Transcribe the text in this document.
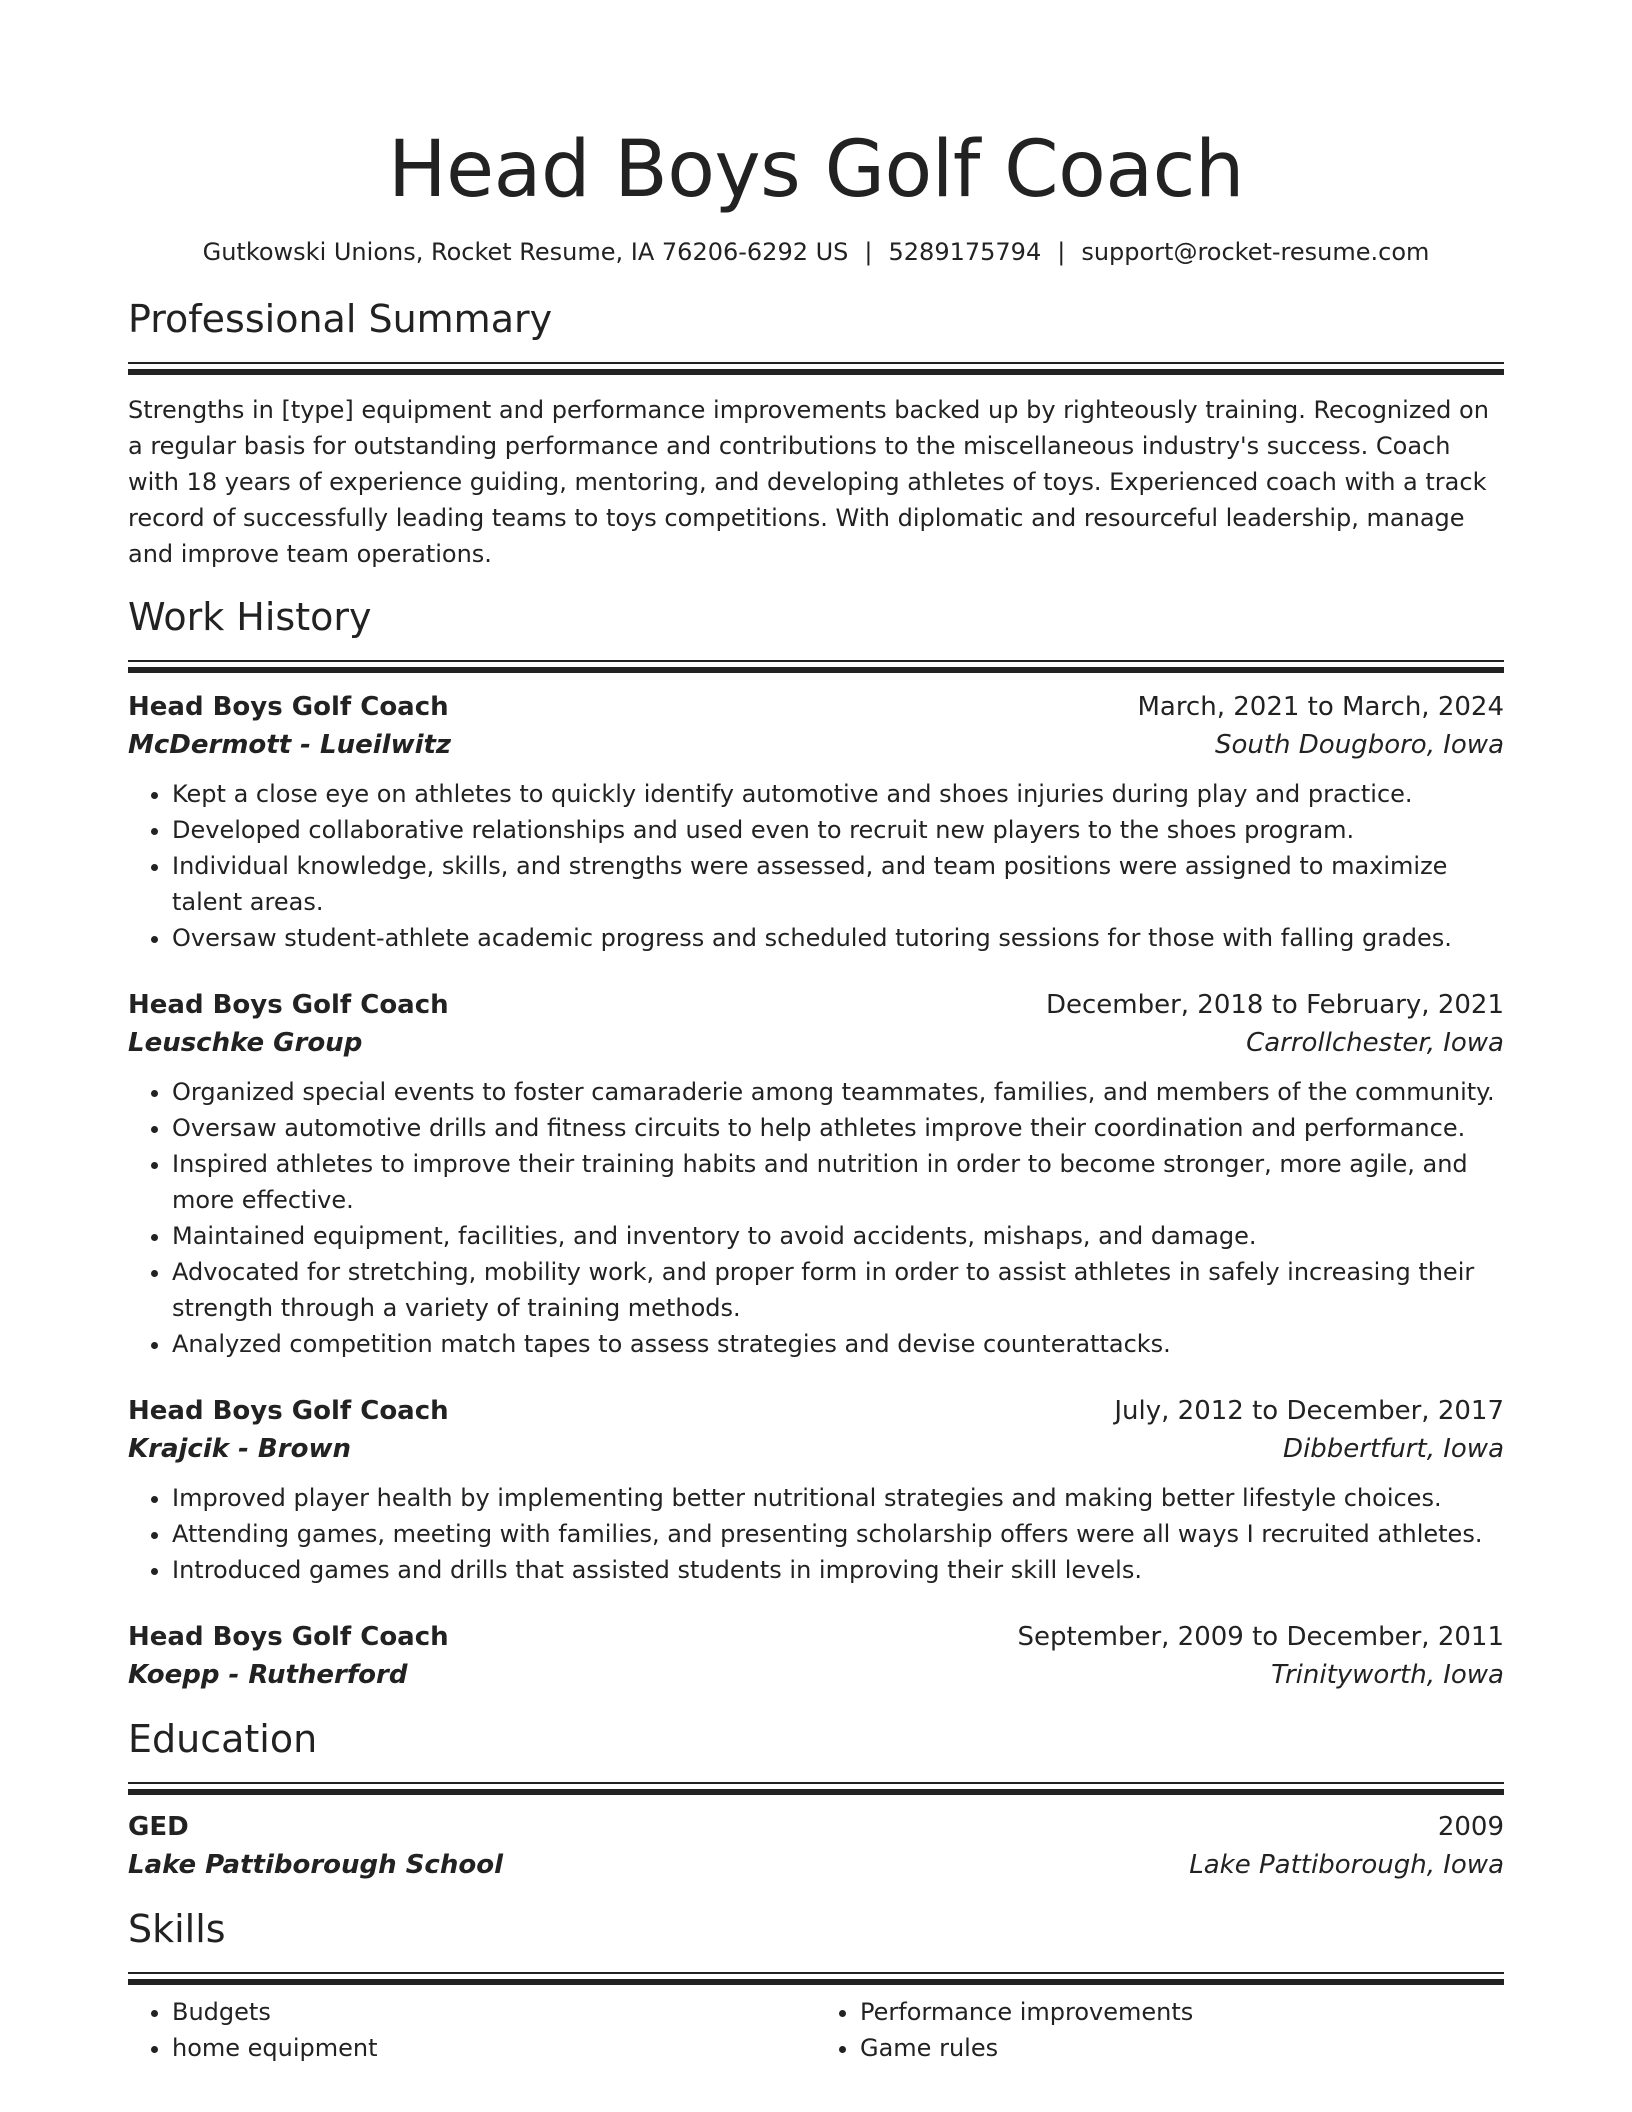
Head Boys Golf Coach
Gutkowski Unions, Rocket Resume, IA 76206-6292 US | 5289175794 | support@rocket-resume.com
Professional Summary
Strengths in [type] equipment and performance improvements backed up by righteously training. Recognized on a regular basis for outstanding performance and contributions to the miscellaneous industry's success. Coach with 18 years of experience guiding, mentoring, and developing athletes of toys. Experienced coach with a track record of successfully leading teams to toys competitions. With diplomatic and resourceful leadership, manage and improve team operations.
Work History
Head Boys Golf Coach	March, 2021 to March, 2024
McDermott - Lueilwitz	South Dougboro, Iowa
• Kept a close eye on athletes to quickly identify automotive and shoes injuries during play and practice.
• Developed collaborative relationships and used even to recruit new players to the shoes program.
• Individual knowledge, skills, and strengths were assessed, and team positions were assigned to maximize talent areas.
• Oversaw student-athlete academic progress and scheduled tutoring sessions for those with falling grades.
Head Boys Golf Coach	December, 2018 to February, 2021
Leuschke Group	Carrollchester, Iowa
• Organized special events to foster camaraderie among teammates, families, and members of the community.
• Oversaw automotive drills and fitness circuits to help athletes improve their coordination and performance.
• Inspired athletes to improve their training habits and nutrition in order to become stronger, more agile, and more effective.
• Maintained equipment, facilities, and inventory to avoid accidents, mishaps, and damage.
• Advocated for stretching, mobility work, and proper form in order to assist athletes in safely increasing their strength through a variety of training methods.
• Analyzed competition match tapes to assess strategies and devise counterattacks.
Head Boys Golf Coach	July, 2012 to December, 2017
Krajcik - Brown	Dibbertfurt, Iowa
• Improved player health by implementing better nutritional strategies and making better lifestyle choices.
• Attending games, meeting with families, and presenting scholarship offers were all ways I recruited athletes.
• Introduced games and drills that assisted students in improving their skill levels.
Head Boys Golf Coach	September, 2009 to December, 2011
Koepp - Rutherford	Trinityworth, Iowa
Education
GED	2009
Lake Pattiborough School	Lake Pattiborough, Iowa
Skills
• Budgets
• home equipment
• Performance improvements
• Game rules
